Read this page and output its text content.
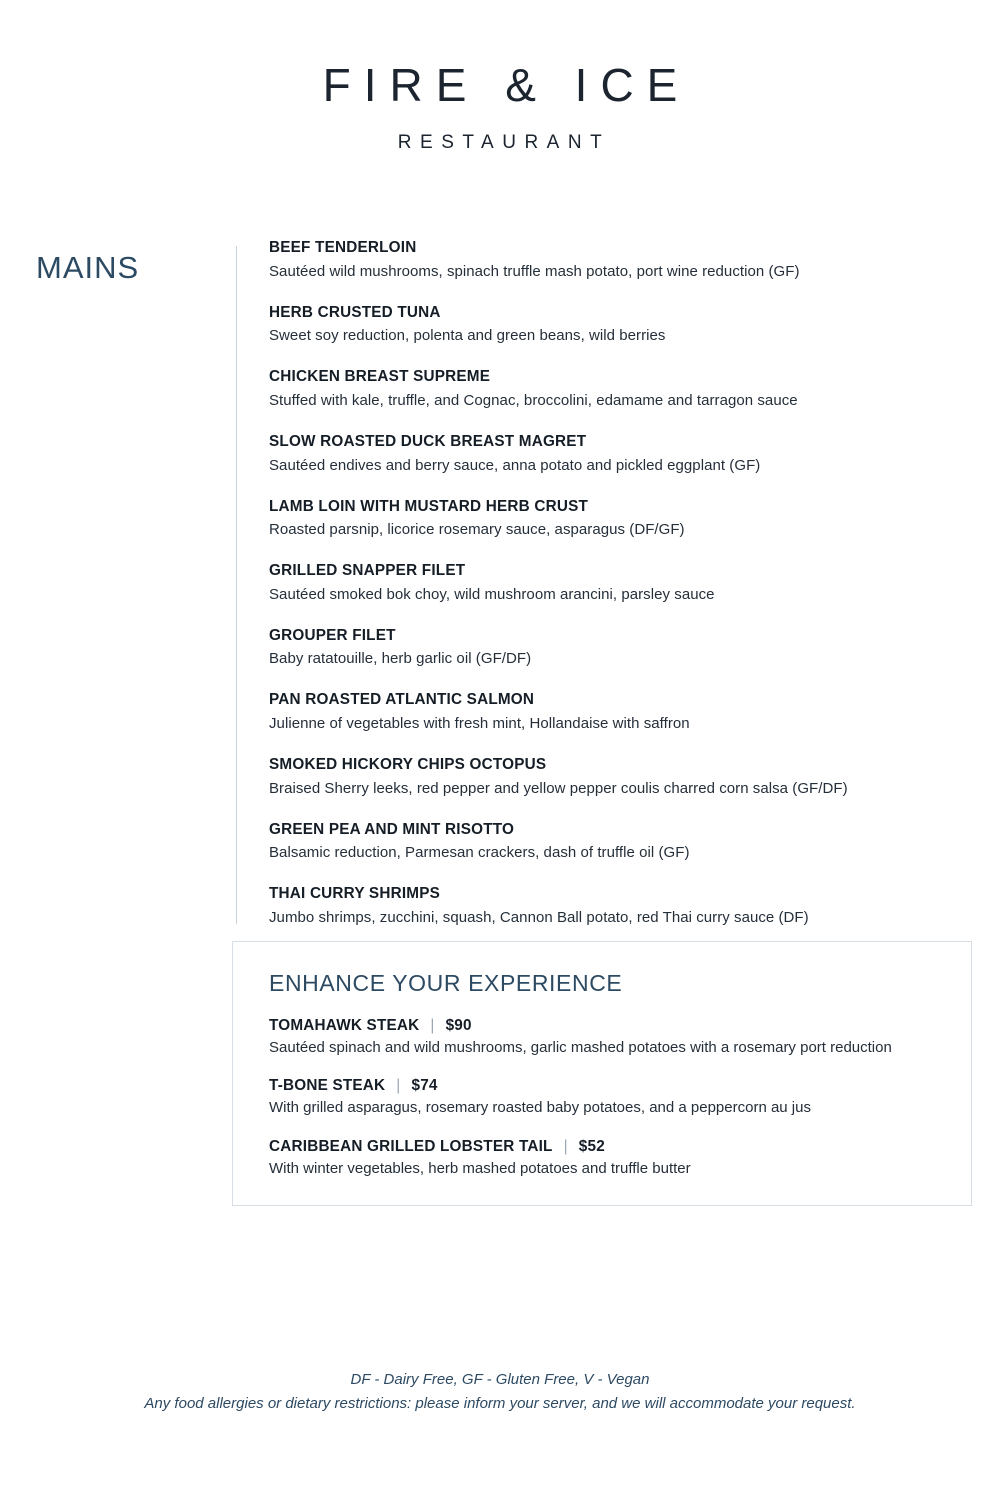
FIRE & ICE
RESTAURANT
MAINS
BEEF TENDERLOIN
Sautéed wild mushrooms, spinach truffle mash potato, port wine reduction (GF)
HERB CRUSTED TUNA
Sweet soy reduction, polenta and green beans, wild berries
CHICKEN BREAST SUPREME
Stuffed with kale, truffle, and Cognac, broccolini, edamame and tarragon sauce
SLOW ROASTED DUCK BREAST MAGRET
Sautéed endives and berry sauce, anna potato and pickled eggplant (GF)
LAMB LOIN WITH MUSTARD HERB CRUST
Roasted parsnip, licorice rosemary sauce, asparagus (DF/GF)
GRILLED SNAPPER FILET
Sautéed smoked bok choy, wild mushroom arancini, parsley sauce
GROUPER FILET
Baby ratatouille, herb garlic oil (GF/DF)
PAN ROASTED ATLANTIC SALMON
Julienne of vegetables with fresh mint, Hollandaise with saffron
SMOKED HICKORY CHIPS OCTOPUS
Braised Sherry leeks, red pepper and yellow pepper coulis charred corn salsa (GF/DF)
GREEN PEA AND MINT RISOTTO
Balsamic reduction, Parmesan crackers, dash of truffle oil (GF)
THAI CURRY SHRIMPS
Jumbo shrimps, zucchini, squash, Cannon Ball potato, red Thai curry sauce (DF)
ENHANCE YOUR EXPERIENCE
TOMAHAWK STEAK | $90
Sautéed spinach and wild mushrooms, garlic mashed potatoes with a rosemary port reduction
T-BONE STEAK | $74
With grilled asparagus, rosemary roasted baby potatoes, and a peppercorn au jus
CARIBBEAN GRILLED LOBSTER TAIL | $52
With winter vegetables, herb mashed potatoes and truffle butter
DF - Dairy Free, GF - Gluten Free, V - Vegan
Any food allergies or dietary restrictions: please inform your server, and we will accommodate your request.
